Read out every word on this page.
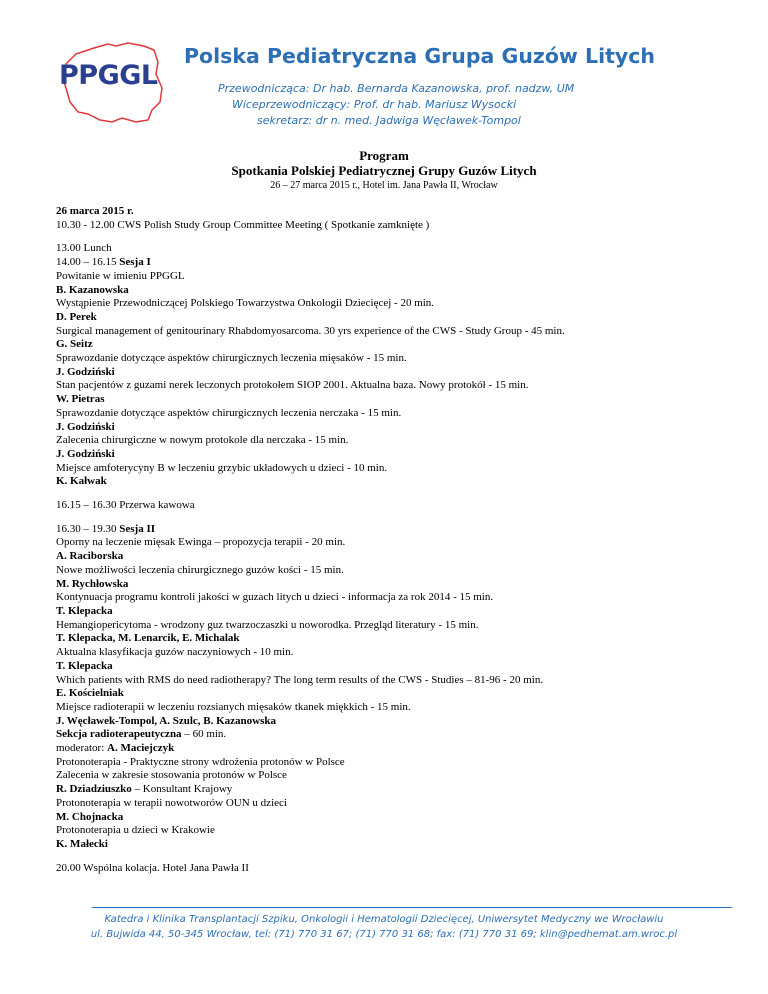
PPGGL
Polska Pediatryczna Grupa Guzów Litych
Przewodnicząca: Dr hab. Bernarda Kazanowska, prof. nadzw, UM
Wiceprzewodniczący: Prof. dr hab. Mariusz Wysocki
sekretarz: dr n. med. Jadwiga Węcławek-Tompol
Program
Spotkania Polskiej Pediatrycznej Grupy Guzów Litych
26 – 27 marca 2015 r., Hotel im. Jana Pawła II, Wrocław
26 marca 2015 r.
10.30 - 12.00 CWS Polish Study Group Committee Meeting ( Spotkanie zamknięte )
13.00 Lunch
14.00 – 16.15 Sesja I
Powitanie w imieniu PPGGL
B. Kazanowska
Wystąpienie Przewodniczącej Polskiego Towarzystwa Onkologii Dziecięcej - 20 min.
D. Perek
Surgical management of genitourinary Rhabdomyosarcoma. 30 yrs experience of the CWS - Study Group - 45 min.
G. Seitz
Sprawozdanie dotyczące aspektów chirurgicznych leczenia mięsaków - 15 min.
J. Godziński
Stan pacjentów z guzami nerek leczonych protokołem SIOP 2001. Aktualna baza. Nowy protokół - 15 min.
W. Pietras
Sprawozdanie dotyczące aspektów chirurgicznych leczenia nerczaka - 15 min.
J. Godziński
Zalecenia chirurgiczne w nowym protokole dla nerczaka - 15 min.
J. Godziński
Miejsce amfoterycyny B w leczeniu grzybic układowych u dzieci - 10 min.
K. Kałwak
16.15 – 16.30 Przerwa kawowa
16.30 – 19.30 Sesja II
Oporny na leczenie mięsak Ewinga – propozycja terapii - 20 min.
A. Raciborska
Nowe możliwości leczenia chirurgicznego guzów kości - 15 min.
M. Rychłowska
Kontynuacja programu kontroli jakości w guzach litych u dzieci - informacja za rok 2014 - 15 min.
T. Klepacka
Hemangiopericytoma - wrodzony guz twarzoczaszki u noworodka. Przegląd literatury - 15 min.
T. Klepacka, M. Lenarcik, E. Michalak
Aktualna klasyfikacja guzów naczyniowych - 10 min.
T. Klepacka
Which patients with RMS do need radiotherapy? The long term results of the CWS - Studies – 81-96 - 20 min.
E. Kościelniak
Miejsce radioterapii w leczeniu rozsianych mięsaków tkanek miękkich - 15 min.
J. Węcławek-Tompol, A. Szulc, B. Kazanowska
Sekcja radioterapeutyczna – 60 min.
moderator: A. Maciejczyk
Protonoterapia - Praktyczne strony wdrożenia protonów w Polsce
Zalecenia w zakresie stosowania protonów w Polsce
R. Dziadziuszko – Konsultant Krajowy
Protonoterapia w terapii nowotworów OUN u dzieci
M. Chojnacka
Protonoterapia u dzieci w Krakowie
K. Małecki
20.00 Wspólna kolacja. Hotel Jana Pawła II
Katedra i Klinika Transplantacji Szpiku, Onkologii i Hematologii Dziecięcej, Uniwersytet Medyczny we Wrocławiu
ul. Bujwida 44, 50-345 Wrocław, tel: (71) 770 31 67; (71) 770 31 68; fax: (71) 770 31 69; klin@pedhemat.am.wroc.pl
